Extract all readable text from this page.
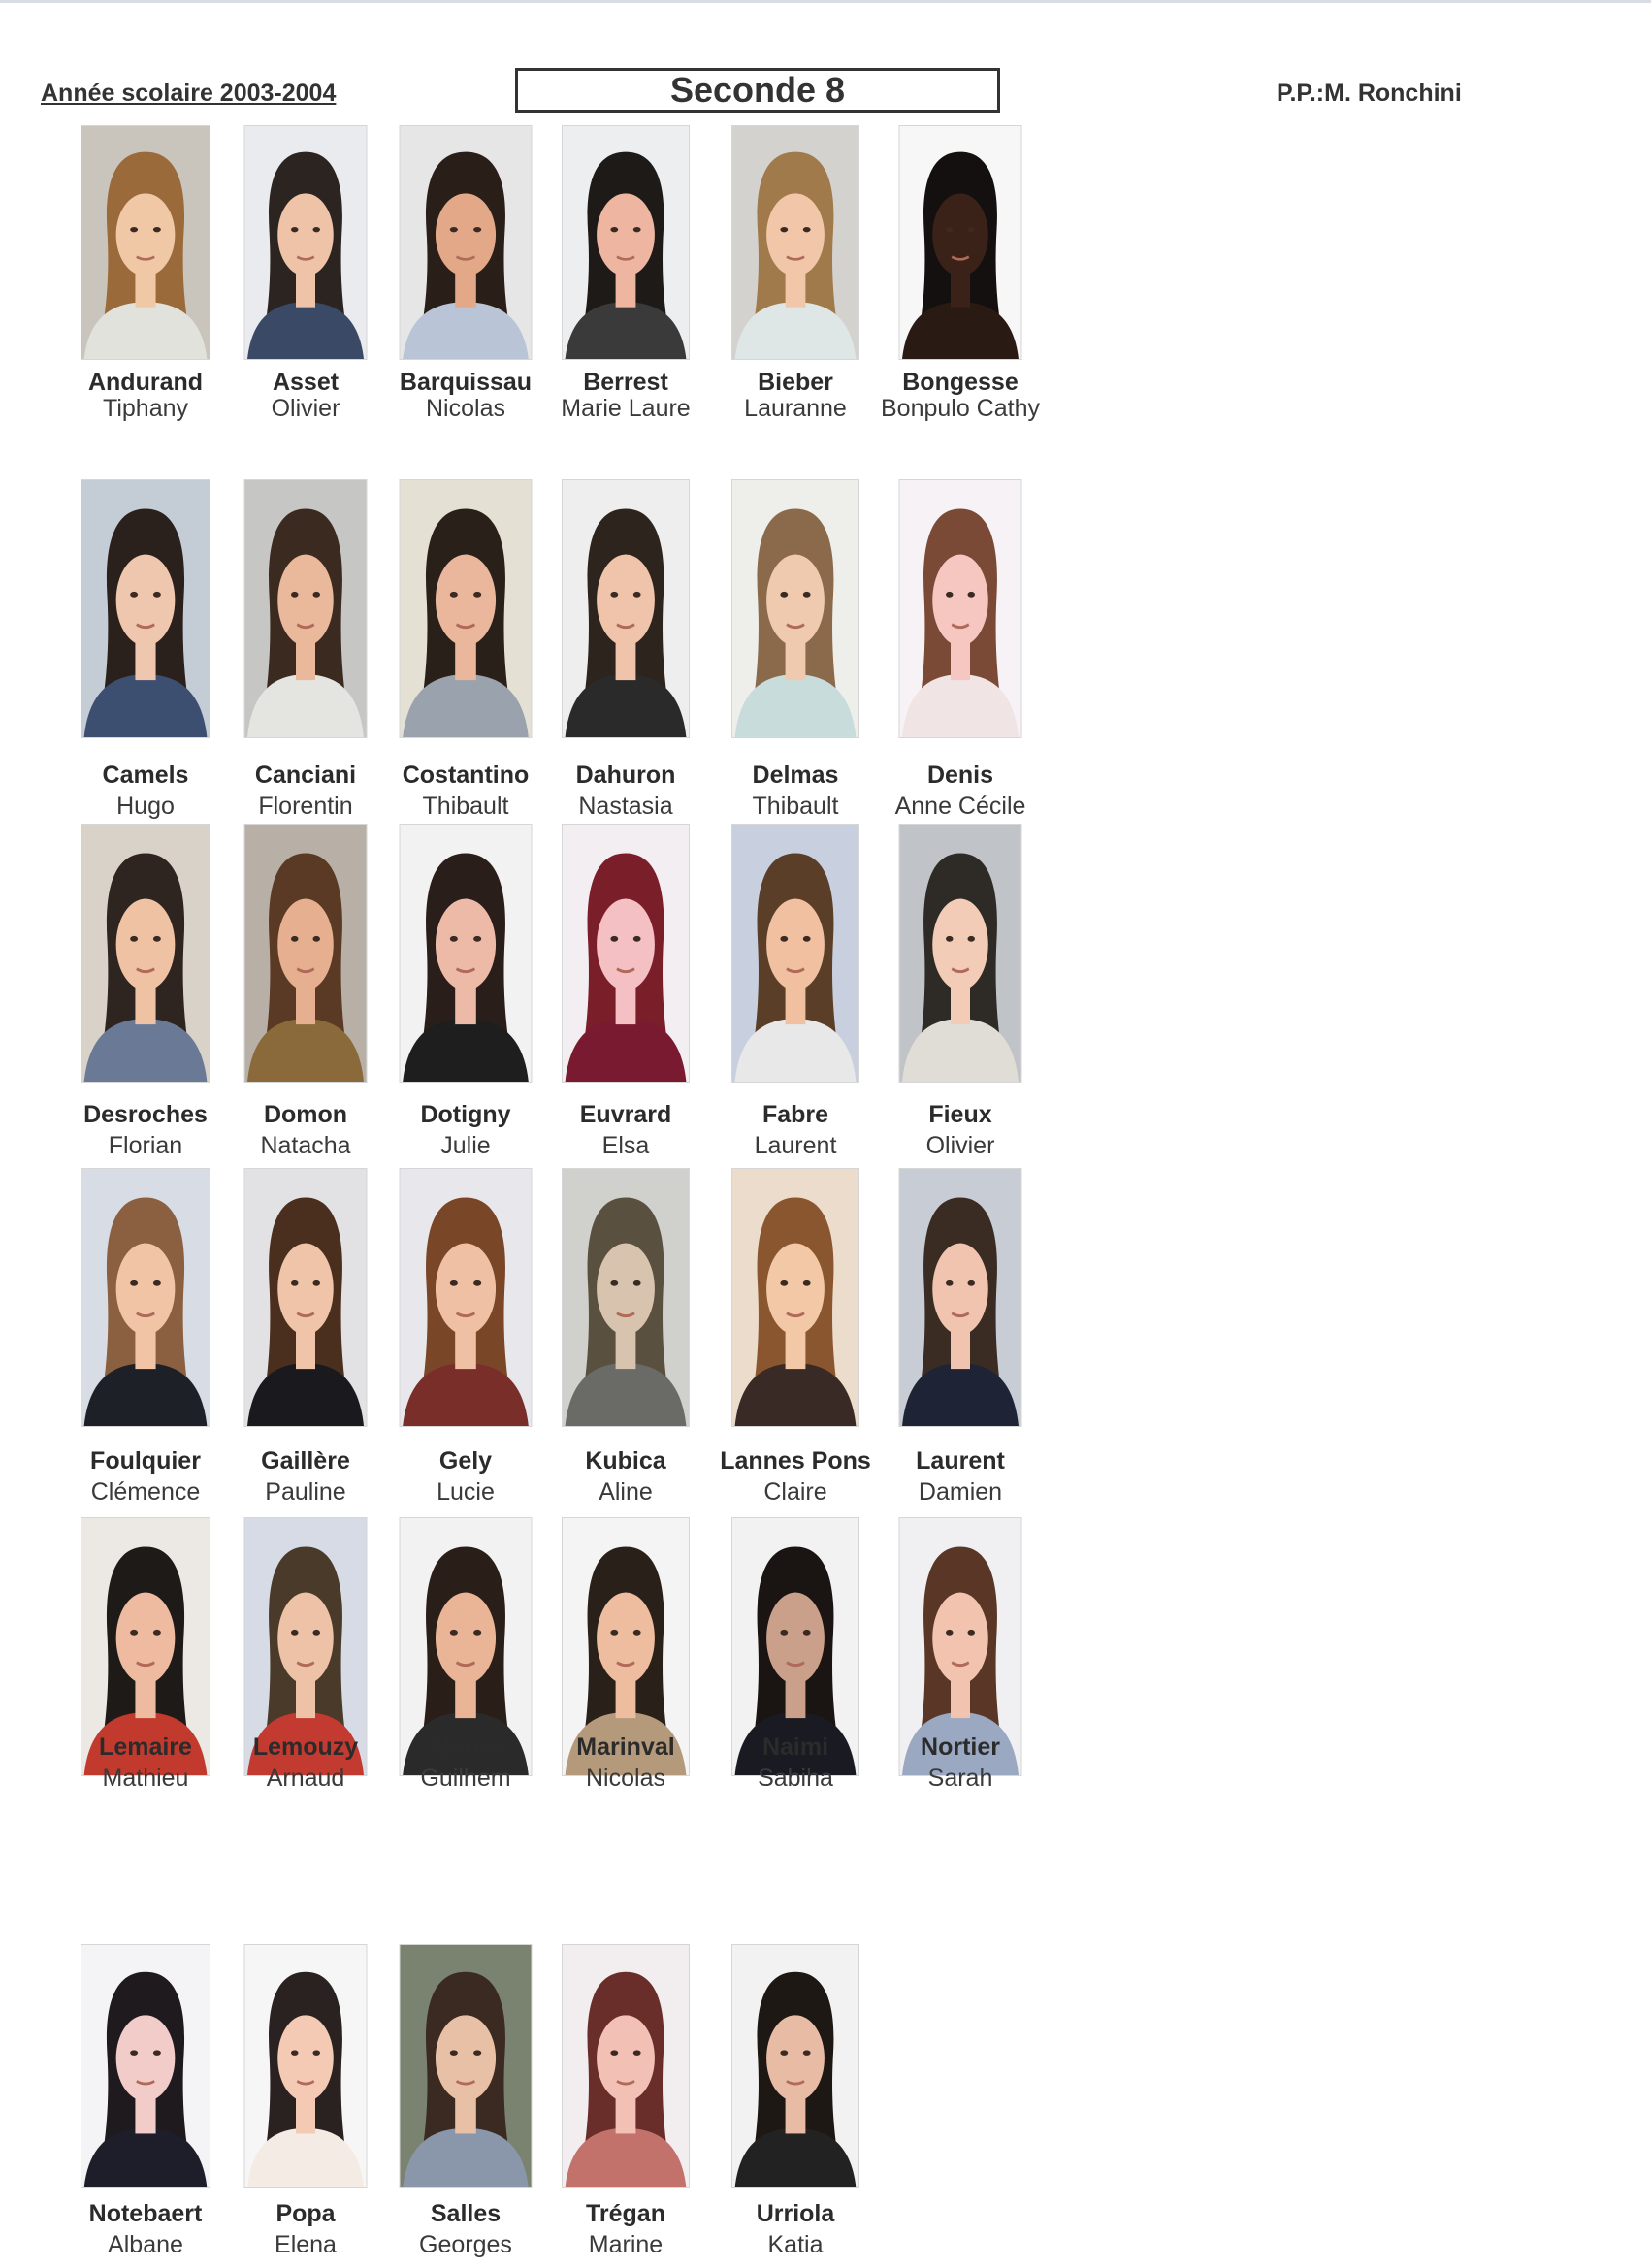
Année scolaire 2003-2004	Seconde 8	P.P.:M. Ronchini
Andurand
Tiphany
Asset
Olivier
Barquissau
Nicolas
Berrest
Marie Laure
Bieber
Lauranne
Bongesse
Bonpulo Cathy
Camels
Hugo
Canciani
Florentin
Costantino
Thibault
Dahuron
Nastasia
Delmas
Thibault
Denis
Anne Cécile
Desroches
Florian
Domon
Natacha
Dotigny
Julie
Euvrard
Elsa
Fabre
Laurent
Fieux
Olivier
Foulquier
Clémence
Gaillère
Pauline
Gely
Lucie
Kubica
Aline
Lannes Pons
Claire
Laurent
Damien
Lemaire
Mathieu
Lemouzy
Arnaud
Mares
Guilhem
Marinval
Nicolas
Naimi
Sabiha
Nortier
Sarah
Notebaert
Albane
Popa
Elena
Salles
Georges
Trégan
Marine
Urriola
Katia
